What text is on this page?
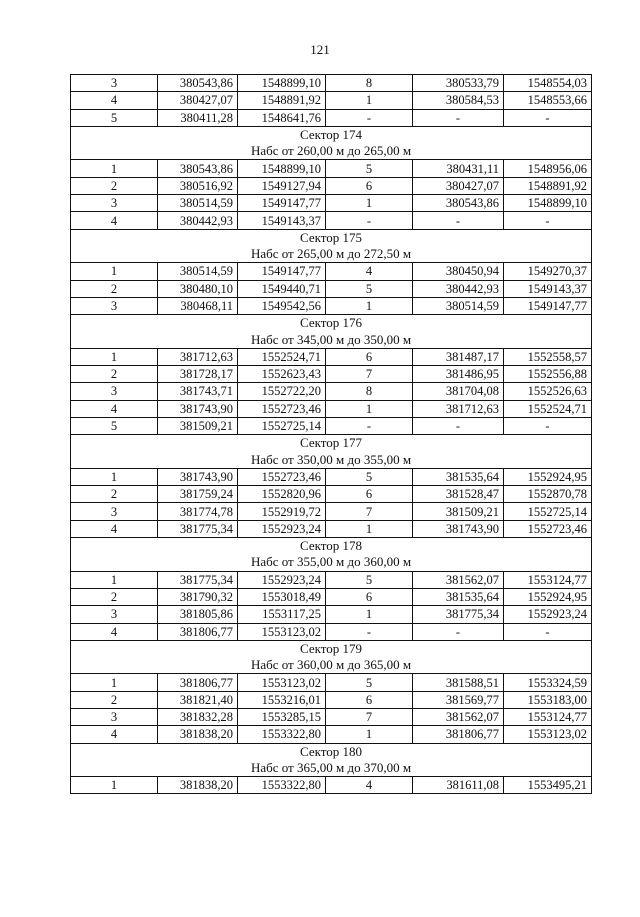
121
3	380543,86	1548899,10	8	380533,79	1548554,03
4	380427,07	1548891,92	1	380584,53	1548553,66
5	380411,28	1548641,76	-	-	-
Сектор 174					
Набс от 260,00 м до 265,00 м					
1	380543,86	1548899,10	5	380431,11	1548956,06
2	380516,92	1549127,94	6	380427,07	1548891,92
3	380514,59	1549147,77	1	380543,86	1548899,10
4	380442,93	1549143,37	-	-	-
Сектор 175					
Набс от 265,00 м до 272,50 м					
1	380514,59	1549147,77	4	380450,94	1549270,37
2	380480,10	1549440,71	5	380442,93	1549143,37
3	380468,11	1549542,56	1	380514,59	1549147,77
Сектор 176					
Набс от 345,00 м до 350,00 м					
1	381712,63	1552524,71	6	381487,17	1552558,57
2	381728,17	1552623,43	7	381486,95	1552556,88
3	381743,71	1552722,20	8	381704,08	1552526,63
4	381743,90	1552723,46	1	381712,63	1552524,71
5	381509,21	1552725,14	-	-	-
Сектор 177					
Набс от 350,00 м до 355,00 м					
1	381743,90	1552723,46	5	381535,64	1552924,95
2	381759,24	1552820,96	6	381528,47	1552870,78
3	381774,78	1552919,72	7	381509,21	1552725,14
4	381775,34	1552923,24	1	381743,90	1552723,46
Сектор 178					
Набс от 355,00 м до 360,00 м					
1	381775,34	1552923,24	5	381562,07	1553124,77
2	381790,32	1553018,49	6	381535,64	1552924,95
3	381805,86	1553117,25	1	381775,34	1552923,24
4	381806,77	1553123,02	-	-	-
Сектор 179					
Набс от 360,00 м до 365,00 м					
1	381806,77	1553123,02	5	381588,51	1553324,59
2	381821,40	1553216,01	6	381569,77	1553183,00
3	381832,28	1553285,15	7	381562,07	1553124,77
4	381838,20	1553322,80	1	381806,77	1553123,02
Сектор 180					
Набс от 365,00 м до 370,00 м					
1	381838,20	1553322,80	4	381611,08	1553495,21
